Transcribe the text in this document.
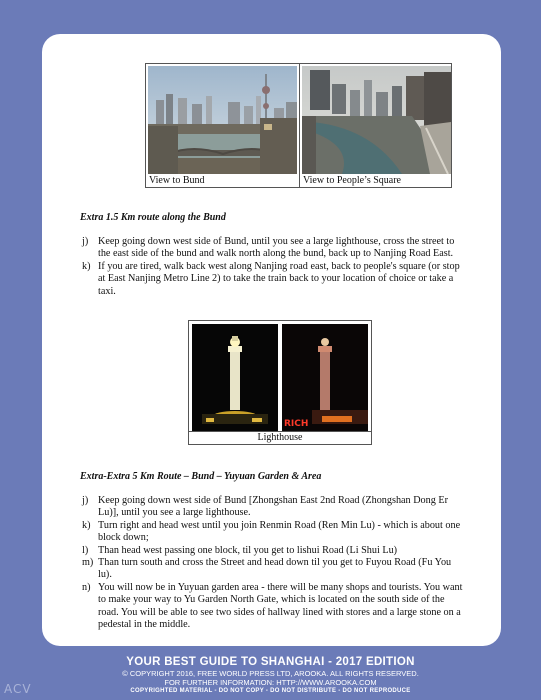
View to Bund	View to People’s Square
Extra 1.5 Km route along the Bund
j) Keep going down west side of Bund, until you see a large lighthouse, cross the street to the east side of the bund and walk north along the bund, back up to Nanjing Road East.
k) If you are tired, walk back west along Nanjing road east, back to people's square (or stop at East Nanjing Metro Line 2) to take the train back to your location of choice or take a taxi.
RICH
Lighthouse
Extra-Extra 5 Km Route – Bund – Yuyuan Garden & Area
j) Keep going down west side of Bund [Zhongshan East 2nd Road (Zhongshan Dong Er Lu)], until you see a large lighthouse.
k) Turn right and head west until you join Renmin Road (Ren Min Lu) - which is about one block down;
l) Than head west passing one block, til you get to lishui Road (Li Shui Lu)
m) Than turn south and cross the Street and head down til you get to Fuyou Road (Fu You lu).
n) You will now be in Yuyuan garden area - there will be many shops and tourists. You want to make your way to Yu Garden North Gate, which is located on the south side of the road. You will be able to see two sides of hallway lined with stores and a large stone on a pedestal in the middle.
YOUR BEST GUIDE TO SHANGHAI - 2017 EDITION
© COPYRIGHT 2016, FREE WORLD PRESS LTD, AROOKA. ALL RIGHTS RESERVED.
FOR FURTHER INFORMATION: HTTP://WWW.AROOKA.COM
COPYRIGHTED MATERIAL - DO NOT COPY - DO NOT DISTRIBUTE - DO NOT REPRODUCE
ACV
